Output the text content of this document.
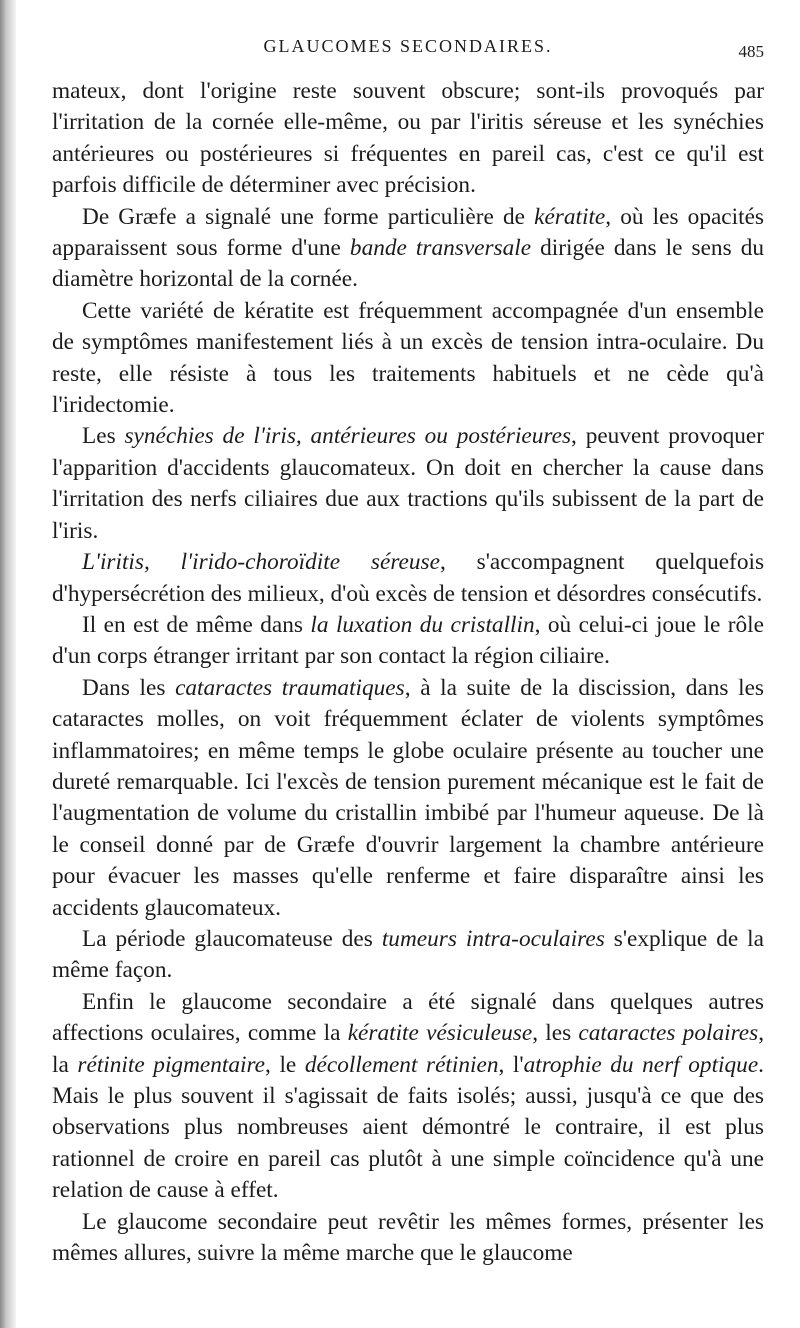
GLAUCOMES SECONDAIRES.	485

mateux, dont l'origine reste souvent obscure; sont-ils provoqués par l'irritation de la cornée elle-même, ou par l'iritis séreuse et les synéchies antérieures ou postérieures si fréquentes en pareil cas, c'est ce qu'il est parfois difficile de déterminer avec précision.

De Græfe a signalé une forme particulière de kératite, où les opacités apparaissent sous forme d'une bande transversale dirigée dans le sens du diamètre horizontal de la cornée.

Cette variété de kératite est fréquemment accompagnée d'un ensemble de symptômes manifestement liés à un excès de tension intra-oculaire. Du reste, elle résiste à tous les traitements habituels et ne cède qu'à l'iridectomie.

Les synéchies de l'iris, antérieures ou postérieures, peuvent provoquer l'apparition d'accidents glaucomateux. On doit en chercher la cause dans l'irritation des nerfs ciliaires due aux tractions qu'ils subissent de la part de l'iris.

L'iritis, l'irido-choroïdite séreuse, s'accompagnent quelquefois d'hypersécrétion des milieux, d'où excès de tension et désordres consécutifs.

Il en est de même dans la luxation du cristallin, où celui-ci joue le rôle d'un corps étranger irritant par son contact la région ciliaire.

Dans les cataractes traumatiques, à la suite de la discission, dans les cataractes molles, on voit fréquemment éclater de violents symptômes inflammatoires; en même temps le globe oculaire présente au toucher une dureté remarquable. Ici l'excès de tension purement mécanique est le fait de l'augmentation de volume du cristallin imbibé par l'humeur aqueuse. De là le conseil donné par de Græfe d'ouvrir largement la chambre antérieure pour évacuer les masses qu'elle renferme et faire disparaître ainsi les accidents glaucomateux.

La période glaucomateuse des tumeurs intra-oculaires s'explique de la même façon.

Enfin le glaucome secondaire a été signalé dans quelques autres affections oculaires, comme la kératite vésiculeuse, les cataractes polaires, la rétinite pigmentaire, le décollement rétinien, l'atrophie du nerf optique. Mais le plus souvent il s'agissait de faits isolés; aussi, jusqu'à ce que des observations plus nombreuses aient démontré le contraire, il est plus rationnel de croire en pareil cas plutôt à une simple coïncidence qu'à une relation de cause à effet.

Le glaucome secondaire peut revêtir les mêmes formes, présenter les mêmes allures, suivre la même marche que le glaucome
